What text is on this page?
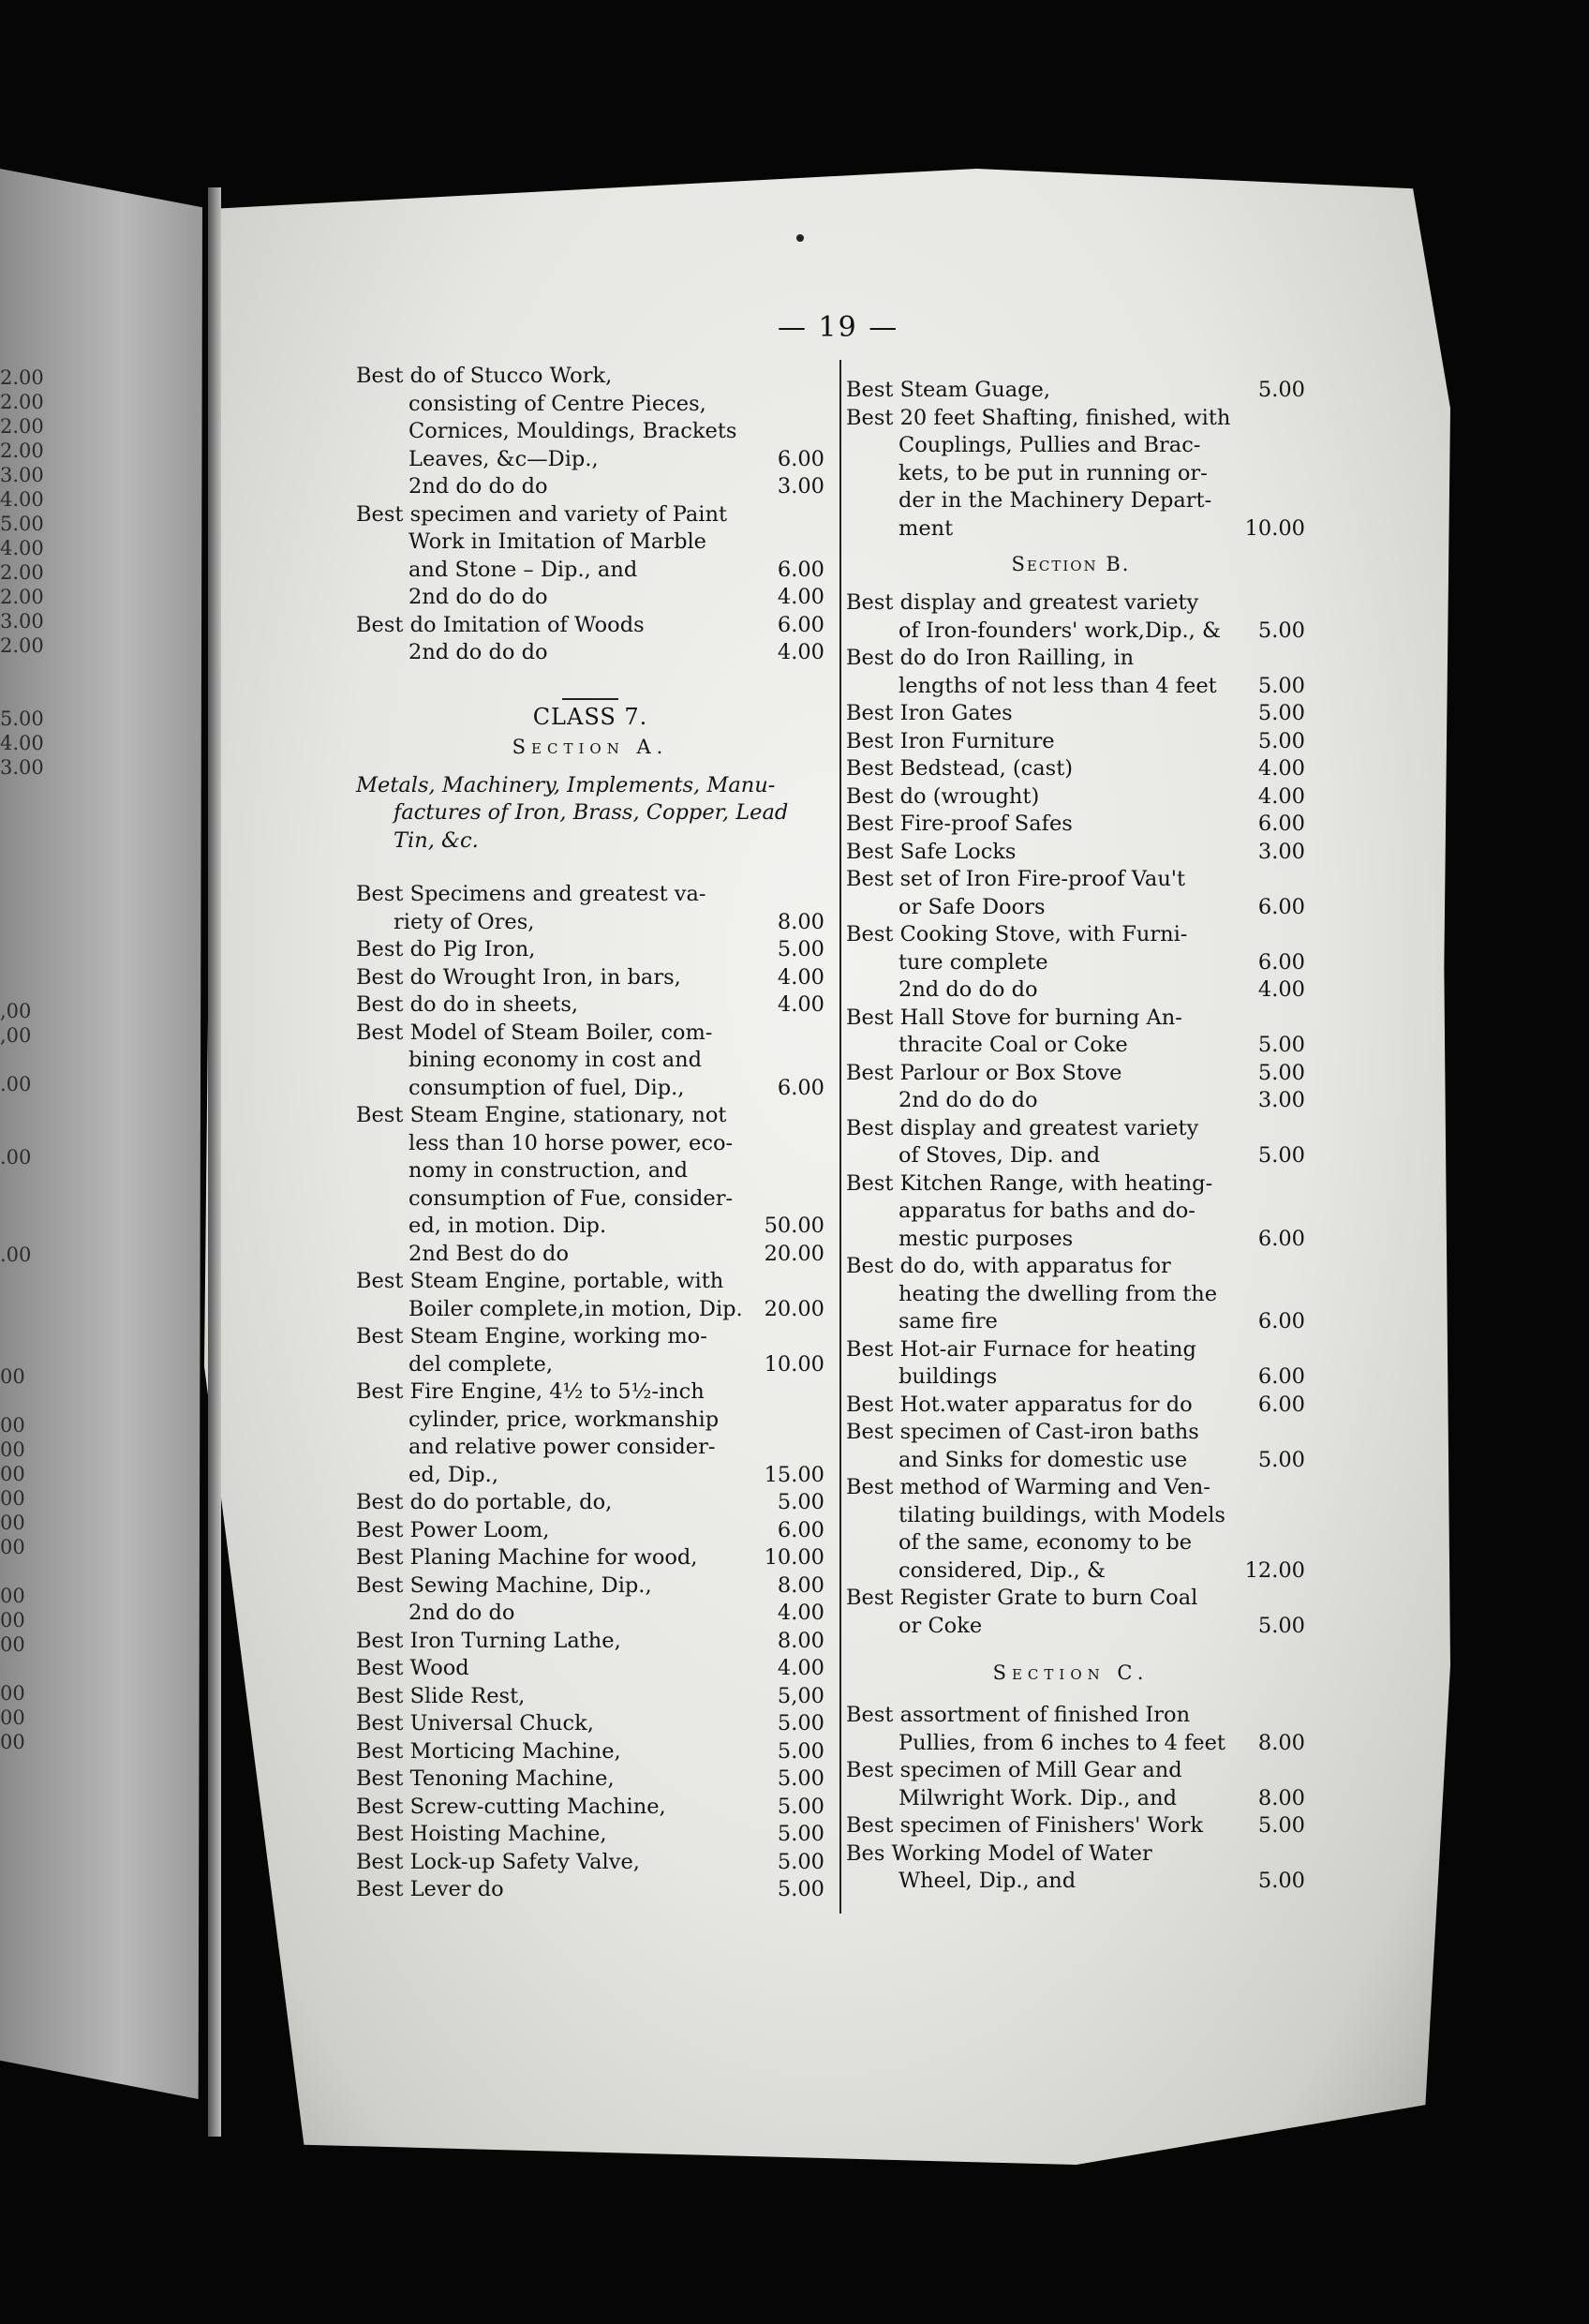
2.00
2.00
2.00
2.00
3.00
4.00
5.00
4.00
2.00
2.00
3.00
2.00
5.00
4.00
3.00
,00
,00
.00
.00
.00
00
00
00
00
00
00
00
00
00
00
00
00
00
— 19 —
Best do of Stucco Work,
consisting of Centre Pieces,
Cornices, Mouldings, Brackets
Leaves, &c—Dip.,	6.00
2nd do do do	3.00
Best specimen and variety of Paint
Work in Imitation of Marble
and Stone – Dip., and	6.00
2nd do do do	4.00
Best do Imitation of Woods	6.00
2nd do do do	4.00
CLASS 7.
Section A.
Metals, Machinery, Implements, Manu-
factures of Iron, Brass, Copper, Lead
Tin, &c.
Best Specimens and greatest va-
riety of Ores,	8.00
Best do Pig Iron,	5.00
Best do Wrought Iron, in bars,	4.00
Best do do in sheets,	4.00
Best Model of Steam Boiler, com-
bining economy in cost and
consumption of fuel, Dip.,	6.00
Best Steam Engine, stationary, not
less than 10 horse power, eco-
nomy in construction, and
consumption of Fue, consider-
ed, in motion. Dip.	50.00
2nd Best do do	20.00
Best Steam Engine, portable, with
Boiler complete,in motion, Dip. 20.00
Best Steam Engine, working mo-
del complete,	10.00
Best Fire Engine, 4½ to 5½-inch
cylinder, price, workmanship
and relative power consider-
ed, Dip.,	15.00
Best do do portable, do,	5.00
Best Power Loom,	6.00
Best Planing Machine for wood,	10.00
Best Sewing Machine, Dip.,	8.00
2nd do do	4.00
Best Iron Turning Lathe,	8.00
Best Wood	4.00
Best Slide Rest,	5,00
Best Universal Chuck,	5.00
Best Morticing Machine,	5.00
Best Tenoning Machine,	5.00
Best Screw-cutting Machine,	5.00
Best Hoisting Machine,	5.00
Best Lock-up Safety Valve,	5.00
Best Lever do	5.00
Best Steam Guage,	5.00
Best 20 feet Shafting, finished, with
Couplings, Pullies and Brac-
kets, to be put in running or-
der in the Machinery Depart-
ment	10.00
Section B.
Best display and greatest variety
of Iron-founders' work,Dip., & 5.00
Best do do Iron Railling, in
lengths of not less than 4 feet 5.00
Best Iron Gates	5.00
Best Iron Furniture	5.00
Best Bedstead, (cast)	4.00
Best do (wrought)	4.00
Best Fire-proof Safes	6.00
Best Safe Locks	3.00
Best set of Iron Fire-proof Vau't
or Safe Doors	6.00
Best Cooking Stove, with Furni-
ture complete	6.00
2nd do do do	4.00
Best Hall Stove for burning An-
thracite Coal or Coke	5.00
Best Parlour or Box Stove	5.00
2nd do do do	3.00
Best display and greatest variety
of Stoves, Dip. and	5.00
Best Kitchen Range, with heating-
apparatus for baths and do-
mestic purposes	6.00
Best do do, with apparatus for
heating the dwelling from the
same fire	6.00
Best Hot-air Furnace for heating
buildings	6.00
Best Hot.water apparatus for do	6.00
Best specimen of Cast-iron baths
and Sinks for domestic use	5.00
Best method of Warming and Ven-
tilating buildings, with Models
of the same, economy to be
considered, Dip., &	12.00
Best Register Grate to burn Coal
or Coke	5.00
Section C.
Best assortment of finished Iron
Pullies, from 6 inches to 4 feet 8.00
Best specimen of Mill Gear and
Milwright Work. Dip., and	8.00
Best specimen of Finishers' Work	5.00
Bes Working Model of Water
Wheel, Dip., and	5.00
